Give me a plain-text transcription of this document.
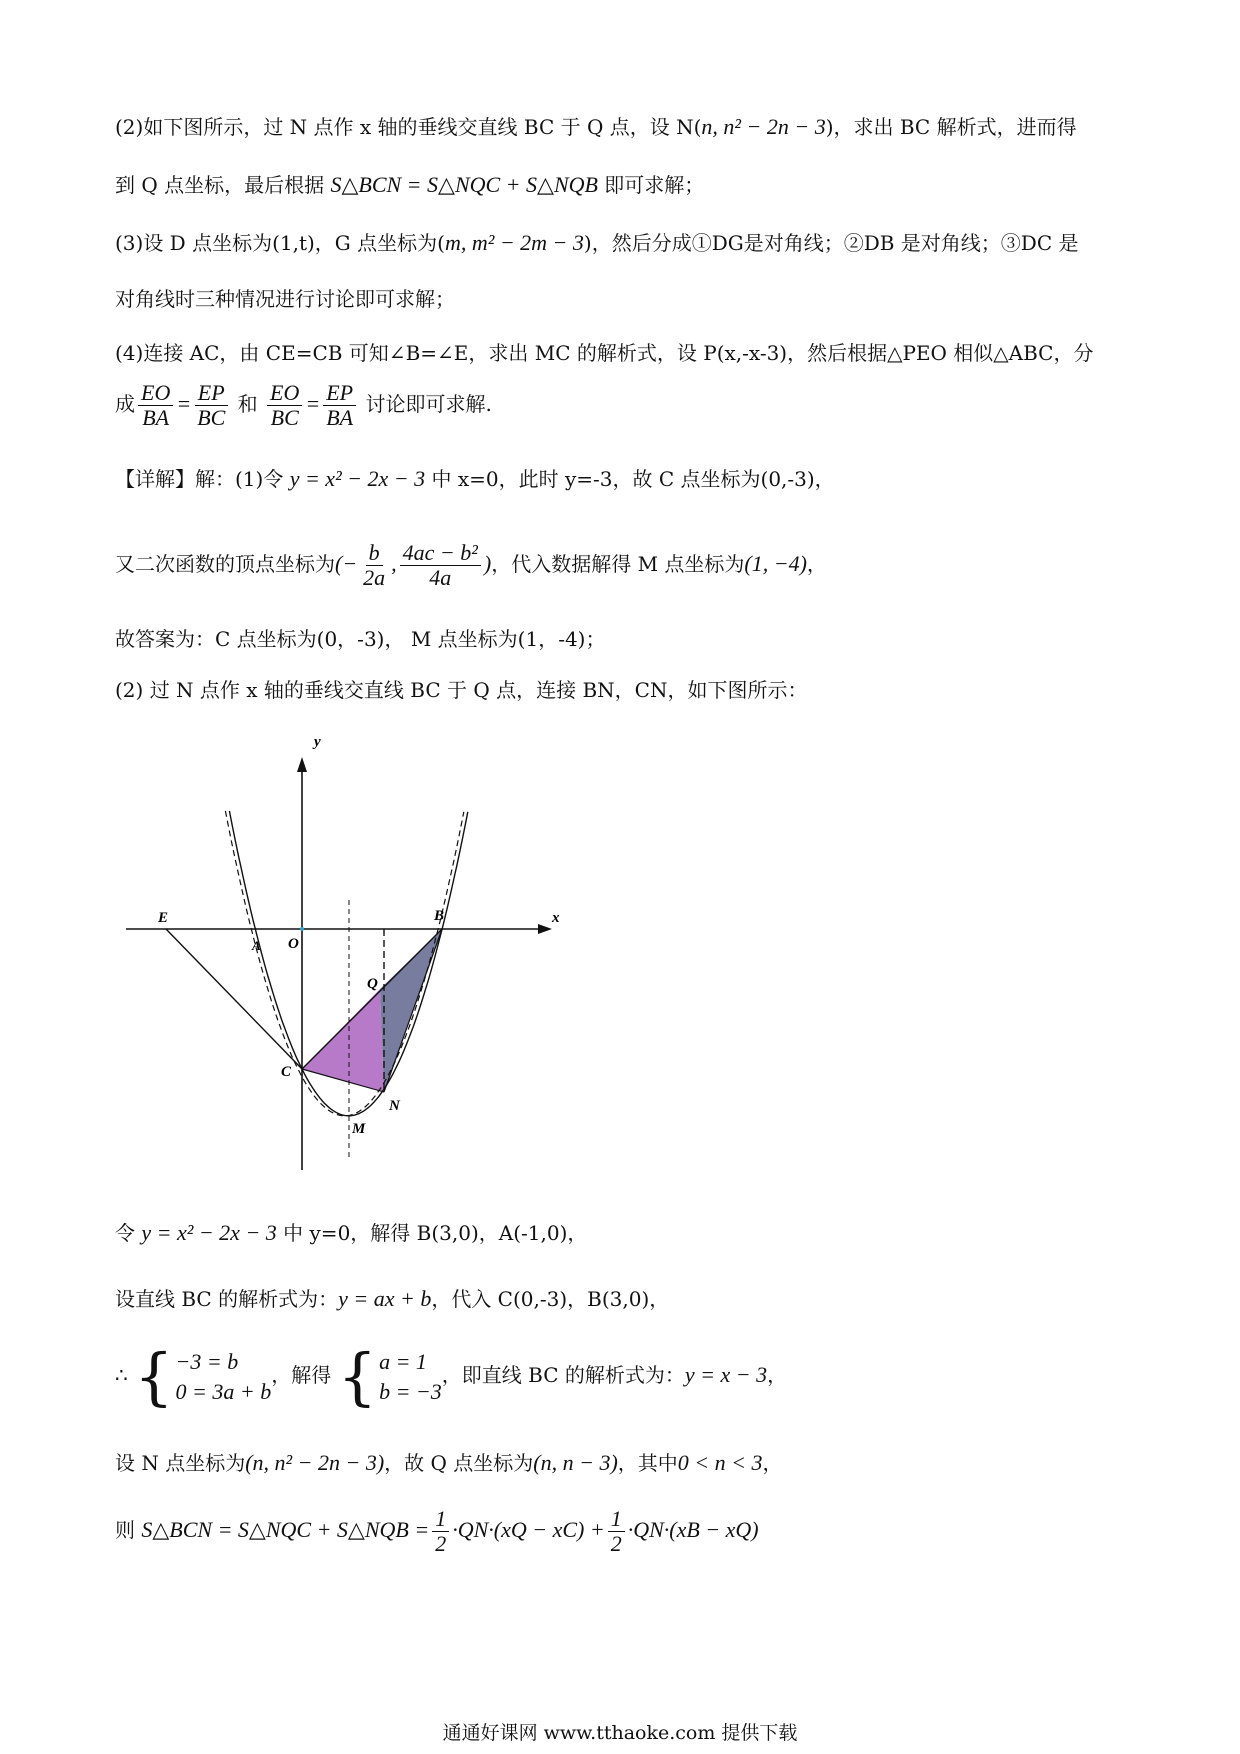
(2)如下图所示，过 N 点作 x 轴的垂线交直线 BC 于 Q 点，设 N(n, n² − 2n − 3)，求出 BC 解析式，进而得
到 Q 点坐标，最后根据 S△BCN = S△NQC + S△NQB 即可求解；
(3)设 D 点坐标为(1,t)，G 点坐标为(m, m² − 2m − 3)，然后分成①DG是对角线；②DB 是对角线；③DC 是
对角线时三种情况进行讨论即可求解；
(4)连接 AC，由 CE=CB 可知∠B=∠E，求出 MC 的解析式，设 P(x,-x-3)，然后根据△PEO 相似△ABC，分
成 $\frac{EO}{BA} = \frac{EP}{BC}$ 和 $\frac{EO}{BC} = \frac{EP}{BA}$ 讨论即可求解.
【详解】解：(1)令 y = x² − 2x − 3 中 x=0，此时 y=-3，故 C 点坐标为(0,-3)，
又二次函数的顶点坐标为(− $\frac{b}{2a}$ , $\frac{\text{4ac − b²}}{4a}$ )，代入数据解得 M 点坐标为(1, −4)，
故答案为：C 点坐标为(0，-3)， M 点坐标为(1，-4)；
(2) 过 N 点作 x 轴的垂线交直线 BC 于 Q 点，连接 BN，CN，如下图所示：
y
x
E
A O
B
Q
C
N
M
令 y = x² − 2x − 3 中 y=0，解得 B(3,0)，A(-1,0)，
设直线 BC 的解析式为：y = ax + b，代入 C(0,-3)，B(3,0)，
∴ { −3 = b
0 = 3a + b
，解得 { a = 1
b = −3
，即直线 BC 的解析式为：y = x − 3，
设 N 点坐标为(n, n² − 2n − 3)，故 Q 点坐标为(n, n − 3)，其中0 < n < 3，
则 S△BCN = S△NQC + S△NQB = $\frac{1}{2} \cdot QN\cdot(xQ - xC) + \frac{1}{2} \cdot QN\cdot(xB - xQ)$
通通好课网 www.tthaoke.com 提供下载
